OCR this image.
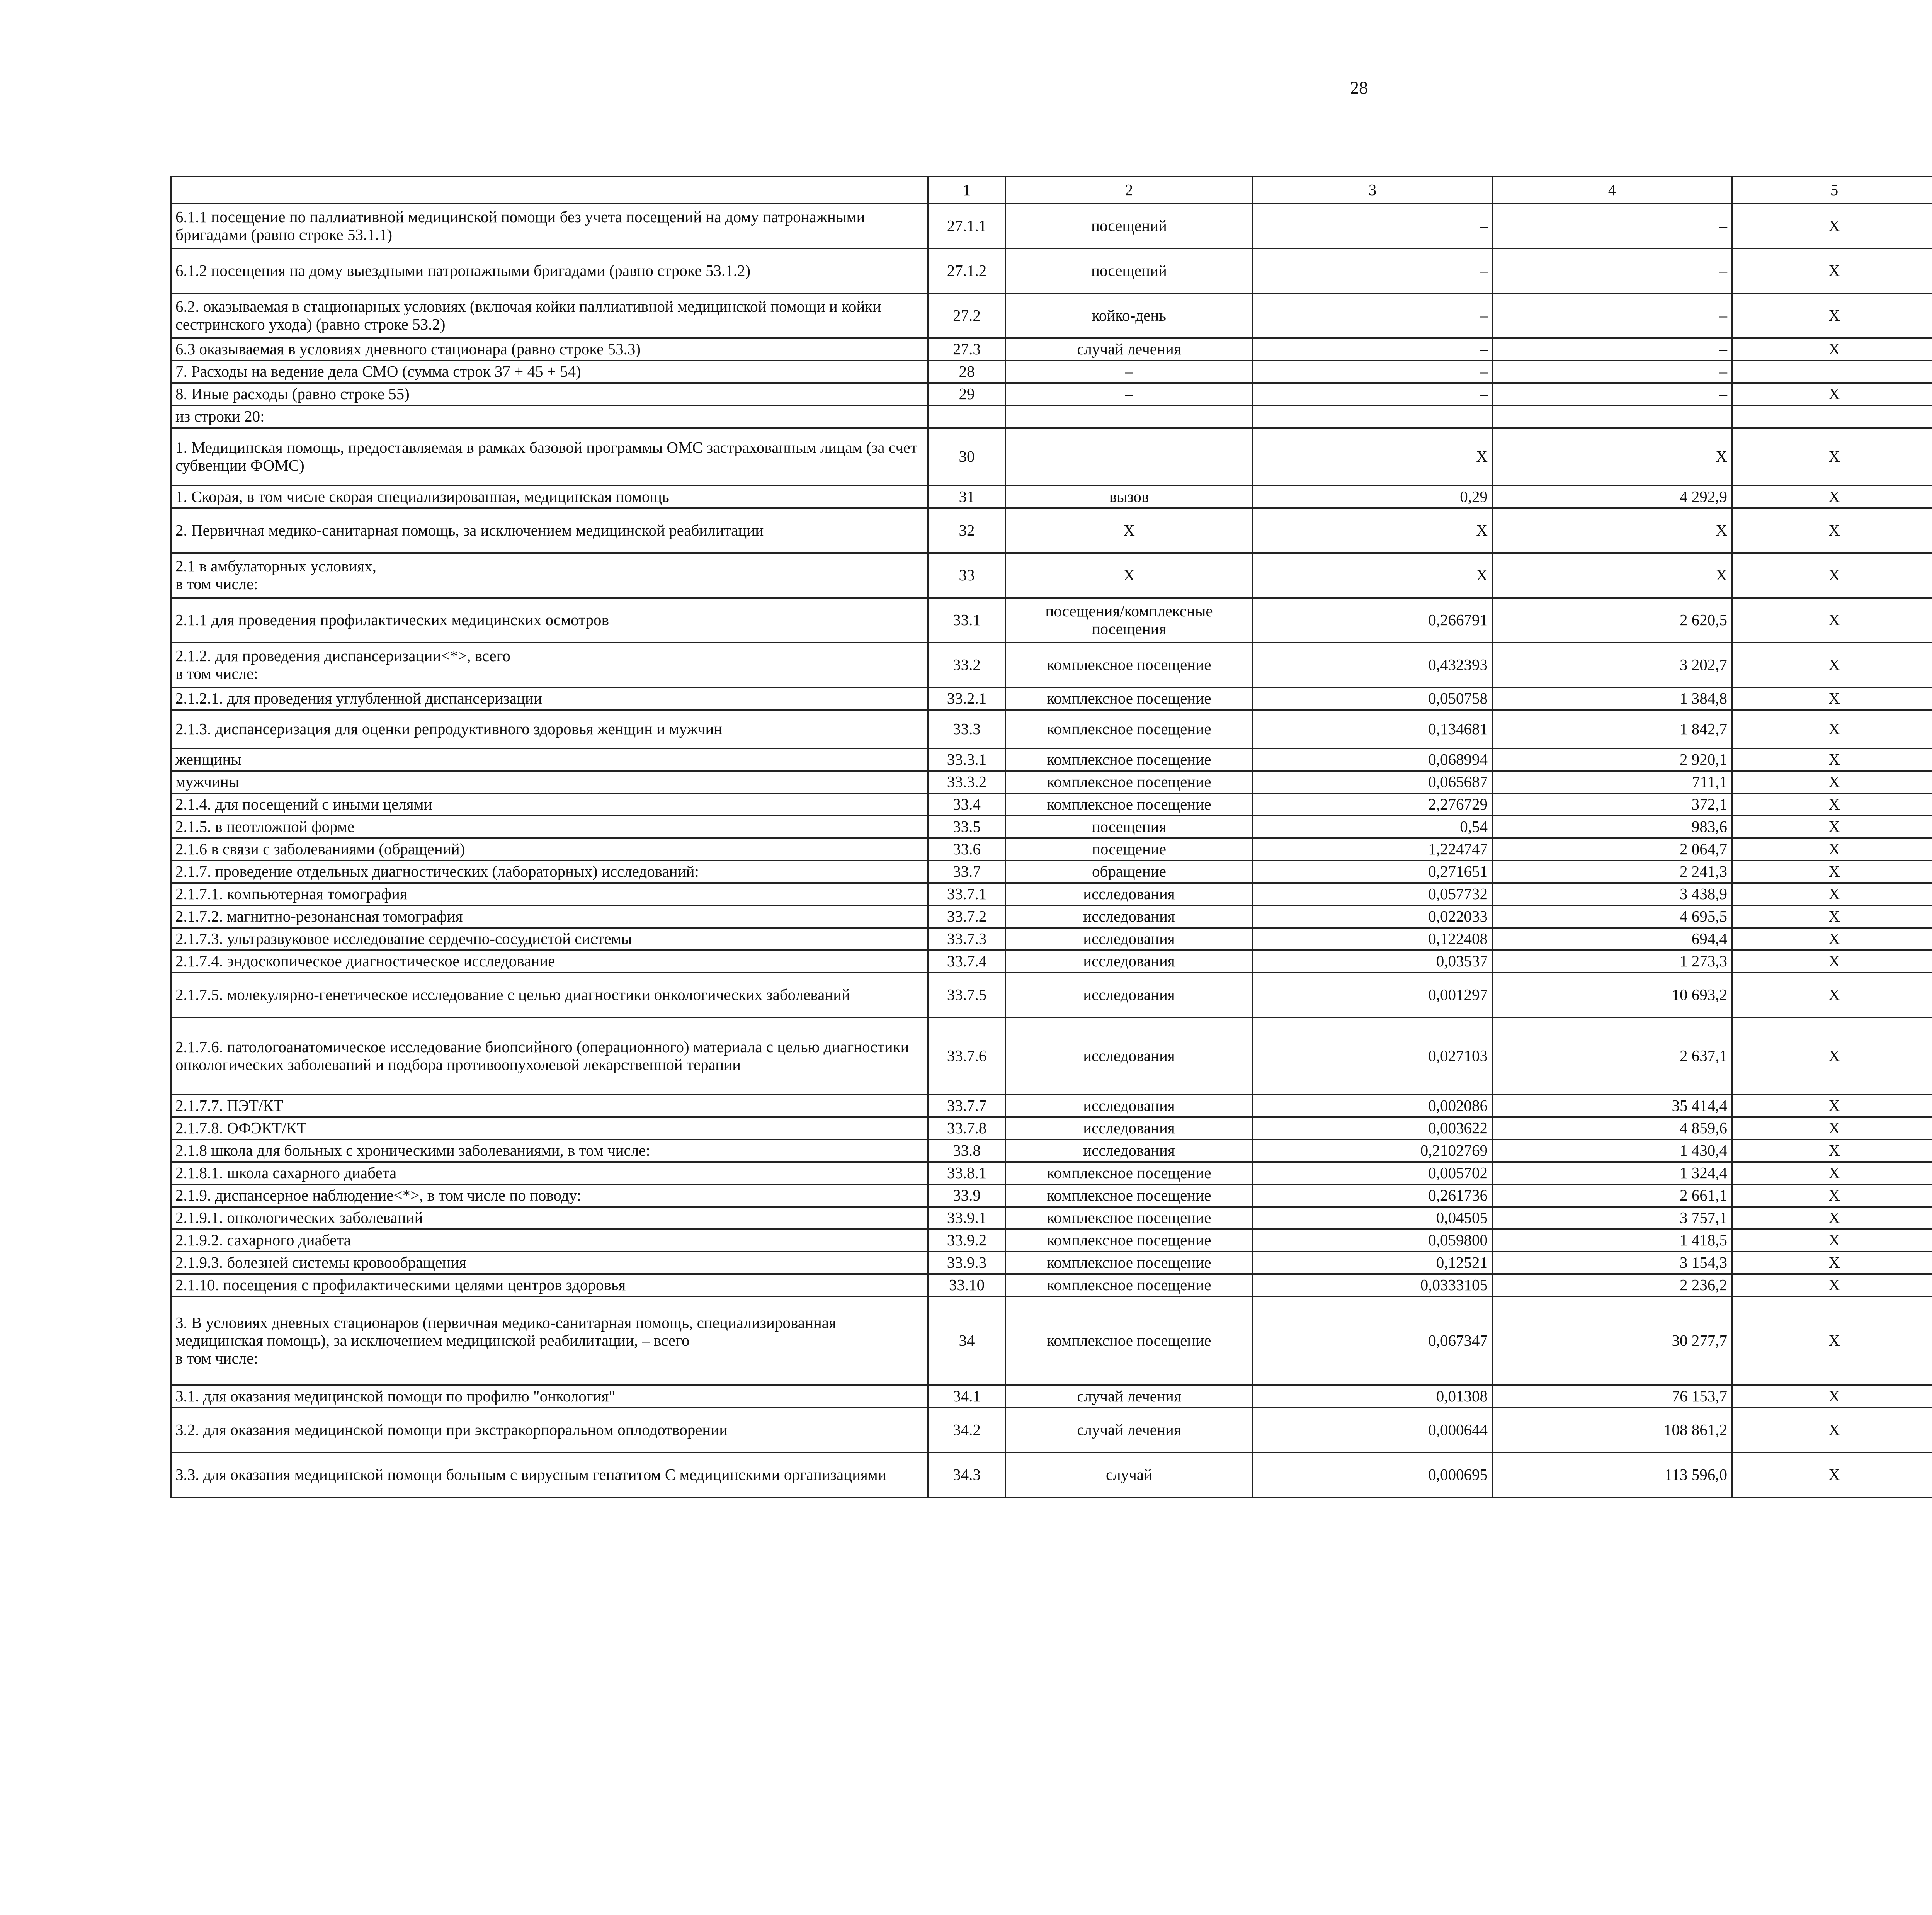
28
	1	2	3	4	5				
6.1.1 посещение по паллиативной медицинской помощи без учета посещений на дому патронажными бригадами (равно строке 53.1.1)	27.1.1	посещений	–	–	X				
6.1.2 посещения на дому выездными патронажными бригадами (равно строке 53.1.2)	27.1.2	посещений	–	–	X				
6.2. оказываемая в стационарных условиях (включая койки паллиативной медицинской помощи и койки сестринского ухода) (равно строке 53.2)	27.2	койко-день	–	–	X				
6.3 оказываемая в условиях дневного стационара (равно строке 53.3)	27.3	случай лечения	–	–	X				
7. Расходы на ведение дела СМО (сумма строк 37 + 45 + 54)	28	–	–	–					
8. Иные расходы (равно строке 55)	29	–	–	–	X				
из строки 20:									
1. Медицинская помощь, предоставляемая в рамках базовой программы ОМС застрахованным лицам (за счет субвенции ФОМС)	30		X	X	X				
1. Скорая, в том числе скорая специализированная, медицинская помощь	31	вызов	0,29	4 292,9	X				
2. Первичная медико-санитарная помощь, за исключением медицинской реабилитации	32	X	X	X	X				
2.1 в амбулаторных условиях,
в том числе:	33	X	X	X	X				
2.1.1 для проведения профилактических медицинских осмотров	33.1	посещения/комплексные посещения	0,266791	2 620,5	X				
2.1.2. для проведения диспансеризации<*>, всего
в том числе:	33.2	комплексное посещение	0,432393	3 202,7	X				
2.1.2.1. для проведения углубленной диспансеризации	33.2.1	комплексное посещение	0,050758	1 384,8	X				
2.1.3. диспансеризация для оценки репродуктивного здоровья женщин и мужчин	33.3	комплексное посещение	0,134681	1 842,7	X				
женщины	33.3.1	комплексное посещение	0,068994	2 920,1	X				
мужчины	33.3.2	комплексное посещение	0,065687	711,1	X				
2.1.4. для посещений с иными целями	33.4	комплексное посещение	2,276729	372,1	X				
2.1.5. в неотложной форме	33.5	посещения	0,54	983,6	X				
2.1.6 в связи с заболеваниями (обращений)	33.6	посещение	1,224747	2 064,7	X				
2.1.7. проведение отдельных диагностических (лабораторных) исследований:	33.7	обращение	0,271651	2 241,3	X				
2.1.7.1. компьютерная томография	33.7.1	исследования	0,057732	3 438,9	X				
2.1.7.2. магнитно-резонансная томография	33.7.2	исследования	0,022033	4 695,5	X				
2.1.7.3. ультразвуковое исследование сердечно-сосудистой системы	33.7.3	исследования	0,122408	694,4	X				
2.1.7.4. эндоскопическое диагностическое исследование	33.7.4	исследования	0,03537	1 273,3	X				
2.1.7.5. молекулярно-генетическое исследование с целью диагностики онкологических заболеваний	33.7.5	исследования	0,001297	10 693,2	X				
2.1.7.6. патологоанатомическое исследование биопсийного (операционного) материала с целью диагностики онкологических заболеваний и подбора противоопухолевой лекарственной терапии	33.7.6	исследования	0,027103	2 637,1	X				
2.1.7.7. ПЭТ/КТ	33.7.7	исследования	0,002086	35 414,4	X				
2.1.7.8. ОФЭКТ/КТ	33.7.8	исследования	0,003622	4 859,6	X				
2.1.8 школа для больных с хроническими заболеваниями, в том числе:	33.8	исследования	0,2102769	1 430,4	X				
2.1.8.1. школа сахарного диабета	33.8.1	комплексное посещение	0,005702	1 324,4	X				
2.1.9. диспансерное наблюдение<*>, в том числе по поводу:	33.9	комплексное посещение	0,261736	2 661,1	X				
2.1.9.1. онкологических заболеваний	33.9.1	комплексное посещение	0,04505	3 757,1	X				
2.1.9.2. сахарного диабета	33.9.2	комплексное посещение	0,059800	1 418,5	X				
2.1.9.3. болезней системы кровообращения	33.9.3	комплексное посещение	0,12521	3 154,3	X				
2.1.10. посещения с профилактическими целями центров здоровья	33.10	комплексное посещение	0,0333105	2 236,2	X				
3. В условиях дневных стационаров (первичная медико-санитарная помощь, специализированная медицинская помощь), за исключением медицинской реабилитации, – всего
в том числе:	34	комплексное посещение	0,067347	30 277,7	X				
3.1. для оказания медицинской помощи по профилю "онкология"	34.1	случай лечения	0,01308	76 153,7	X				
3.2. для оказания медицинской помощи при экстракорпоральном оплодотворении	34.2	случай лечения	0,000644	108 861,2	X				
3.3. для оказания медицинской помощи больным с вирусным гепатитом С медицинскими организациями	34.3	случай	0,000695	113 596,0	X				
